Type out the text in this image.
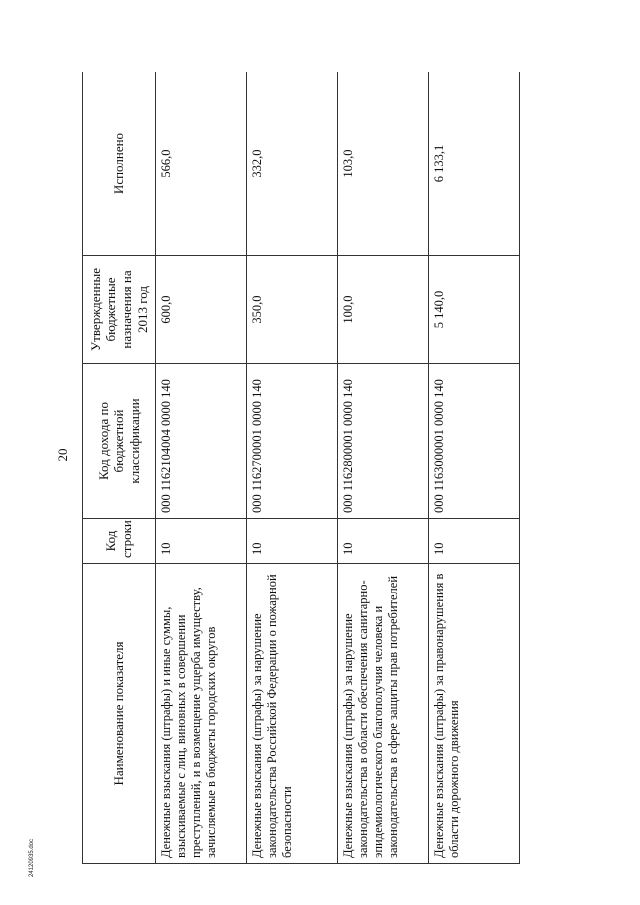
20
Наименование показателя	Код строки	Код дохода по бюджетной классификации	Утвержденные бюджетные назначения на 2013 год	Исполнено
Денежные взыскания (штрафы) и иные суммы, взыскиваемые с лиц, виновных в совершении преступлений, и в возмещение ущерба имуществу, зачисляемые в бюджеты городских округов	10	000 1162104004 0000 140	600,0	566,0
Денежные взыскания (штрафы) за нарушение законодательства Российской Федерации о пожарной безопасности	10	000 1162700001 0000 140	350,0	332,0
Денежные взыскания (штрафы) за нарушение законодательства в области обеспечения санитарно-эпидемиологического благополучия человека и законодательства в сфере защиты прав потребителей	10	000 1162800001 0000 140	100,0	103,0
Денежные взыскания (штрафы) за правонарушения в области дорожного движения	10	000 1163000001 0000 140	5 140,0	6 133,1
24120935.doc
